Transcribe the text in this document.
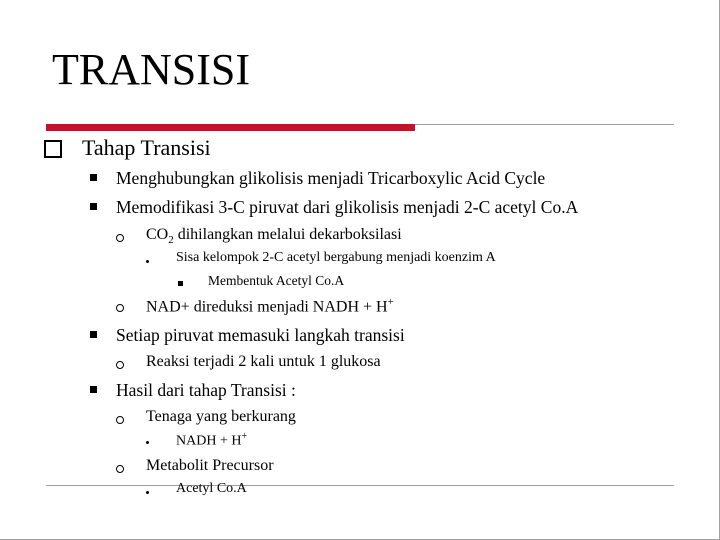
TRANSISI
Tahap Transisi
Menghubungkan glikolisis menjadi Tricarboxylic Acid Cycle
Memodifikasi 3-C piruvat dari glikolisis menjadi 2-C acetyl Co.A
$CO_2$ dihilangkan melalui dekarboksilasi
Sisa kelompok 2-C acetyl bergabung menjadi koenzim A
Membentuk Acetyl Co.A
NAD+ direduksi menjadi NADH + H+
Setiap piruvat memasuki langkah transisi
Reaksi terjadi 2 kali untuk 1 glukosa
Hasil dari tahap Transisi :
Tenaga yang berkurang
NADH + H+
Metabolit Precursor
Acetyl Co.A
